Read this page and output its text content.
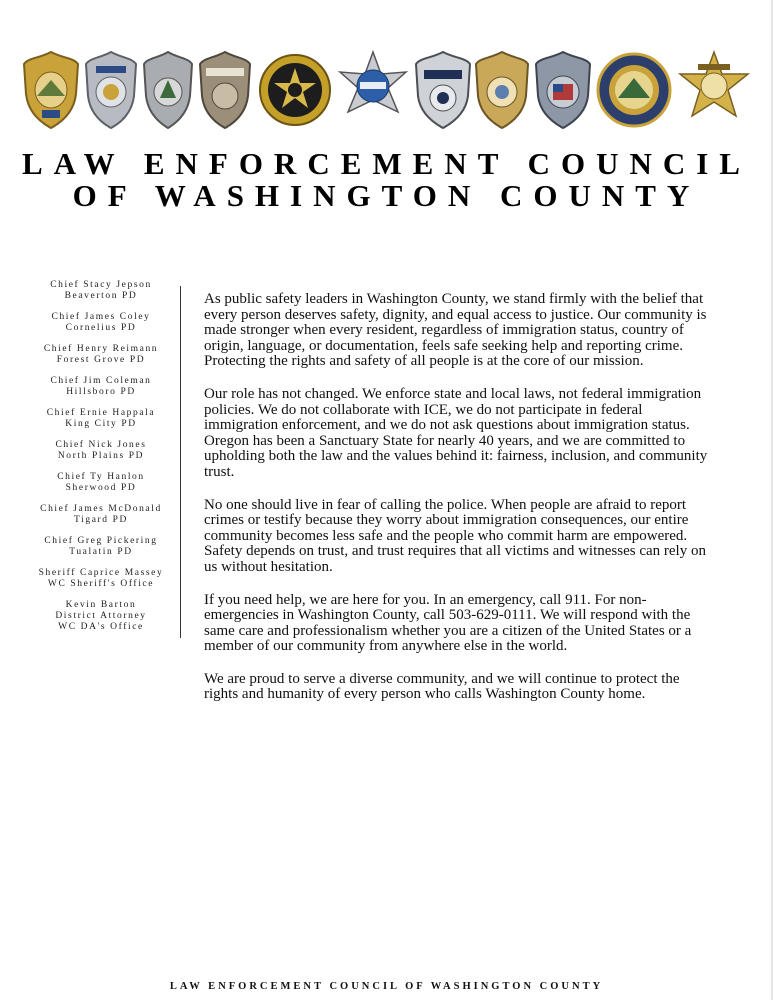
LAW ENFORCEMENT COUNCIL
OF WASHINGTON COUNTY
Chief Stacy Jepson
Beaverton PD
Chief James Coley
Cornelius PD
Chief Henry Reimann
Forest Grove PD
Chief Jim Coleman
Hillsboro PD
Chief Ernie Happala
King City PD
Chief Nick Jones
North Plains PD
Chief Ty Hanlon
Sherwood PD
Chief James McDonald
Tigard PD
Chief Greg Pickering
Tualatin PD
Sheriff Caprice Massey
WC Sheriff's Office
Kevin Barton
District Attorney
WC DA's Office

As public safety leaders in Washington County, we stand firmly with the belief that every person deserves safety, dignity, and equal access to justice. Our community is made stronger when every resident, regardless of immigration status, country of origin, language, or documentation, feels safe seeking help and reporting crime. Protecting the rights and safety of all people is at the core of our mission.

Our role has not changed. We enforce state and local laws, not federal immigration policies. We do not collaborate with ICE, we do not participate in federal immigration enforcement, and we do not ask questions about immigration status. Oregon has been a Sanctuary State for nearly 40 years, and we are committed to upholding both the law and the values behind it: fairness, inclusion, and community trust.

No one should live in fear of calling the police. When people are afraid to report crimes or testify because they worry about immigration consequences, our entire community becomes less safe and the people who commit harm are empowered. Safety depends on trust, and trust requires that all victims and witnesses can rely on us without hesitation.

If you need help, we are here for you. In an emergency, call 911. For non-emergencies in Washington County, call 503-629-0111. We will respond with the same care and professionalism whether you are a citizen of the United States or a member of our community from anywhere else in the world.

We are proud to serve a diverse community, and we will continue to protect the rights and humanity of every person who calls Washington County home.

LAW ENFORCEMENT COUNCIL OF WASHINGTON COUNTY
